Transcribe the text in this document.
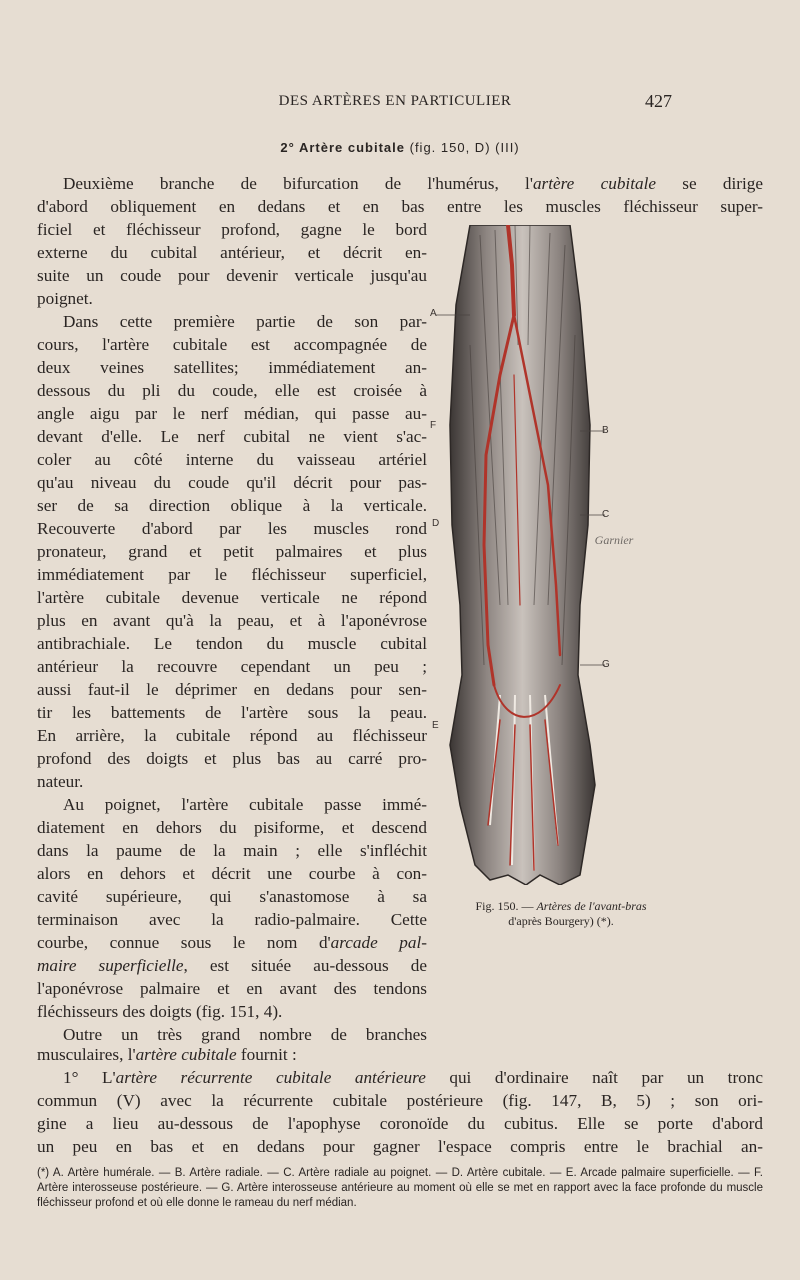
DES ARTÈRES EN PARTICULIER	427
2° Artère cubitale (fig. 150, D) (III)
Deuxième branche de bifurcation de l'humérus, l'artère cubitale se dirige
d'abord obliquement en dedans et en bas entre les muscles fléchisseur super-
ficiel et fléchisseur profond, gagne le bord
externe du cubital antérieur, et décrit en-
suite un coude pour devenir verticale jusqu'au
poignet.
Dans cette première partie de son par-
cours, l'artère cubitale est accompagnée de
deux veines satellites; immédiatement an-
dessous du pli du coude, elle est croisée à
angle aigu par le nerf médian, qui passe au-
devant d'elle. Le nerf cubital ne vient s'ac-
coler au côté interne du vaisseau artériel
qu'au niveau du coude qu'il décrit pour pas-
ser de sa direction oblique à la verticale.
Recouverte d'abord par les muscles rond
pronateur, grand et petit palmaires et plus
immédiatement par le fléchisseur superficiel,
l'artère cubitale devenue verticale ne répond
plus en avant qu'à la peau, et à l'aponévrose
antibrachiale. Le tendon du muscle cubital
antérieur la recouvre cependant un peu ;
aussi faut-il le déprimer en dedans pour sen-
tir les battements de l'artère sous la peau.
En arrière, la cubitale répond au fléchisseur
profond des doigts et plus bas au carré pro-
nateur.
Au poignet, l'artère cubitale passe immé-
diatement en dehors du pisiforme, et descend
dans la paume de la main ; elle s'infléchit
alors en dehors et décrit une courbe à con-
cavité supérieure, qui s'anastomose à sa
terminaison avec la radio-palmaire. Cette
courbe, connue sous le nom d'arcade pal-
maire superficielle, est située au-dessous de
l'aponévrose palmaire et en avant des tendons
fléchisseurs des doigts (fig. 151, 4).
Outre un très grand nombre de branches
musculaires, l'artère cubitale fournit :
A
B
C
D
E
F
G
Garnier
Fig. 150. — Artères de l'avant-bras
d'après Bourgery) (*).
1° L'artère récurrente cubitale antérieure qui d'ordinaire naît par un tronc
commun (V) avec la récurrente cubitale postérieure (fig. 147, B, 5) ; son ori-
gine a lieu au-dessous de l'apophyse coronoïde du cubitus. Elle se porte d'abord
un peu en bas et en dedans pour gagner l'espace compris entre le brachial an-
(*) A. Artère humérale. — B. Artère radiale. — C. Artère radiale au poignet. — D. Artère cubitale. — E. Arcade palmaire superficielle. — F. Artère interosseuse postérieure. — G. Artère interosseuse antérieure au moment où elle se met en rapport avec la face profonde du muscle fléchisseur profond et où elle donne le rameau du nerf médian.
